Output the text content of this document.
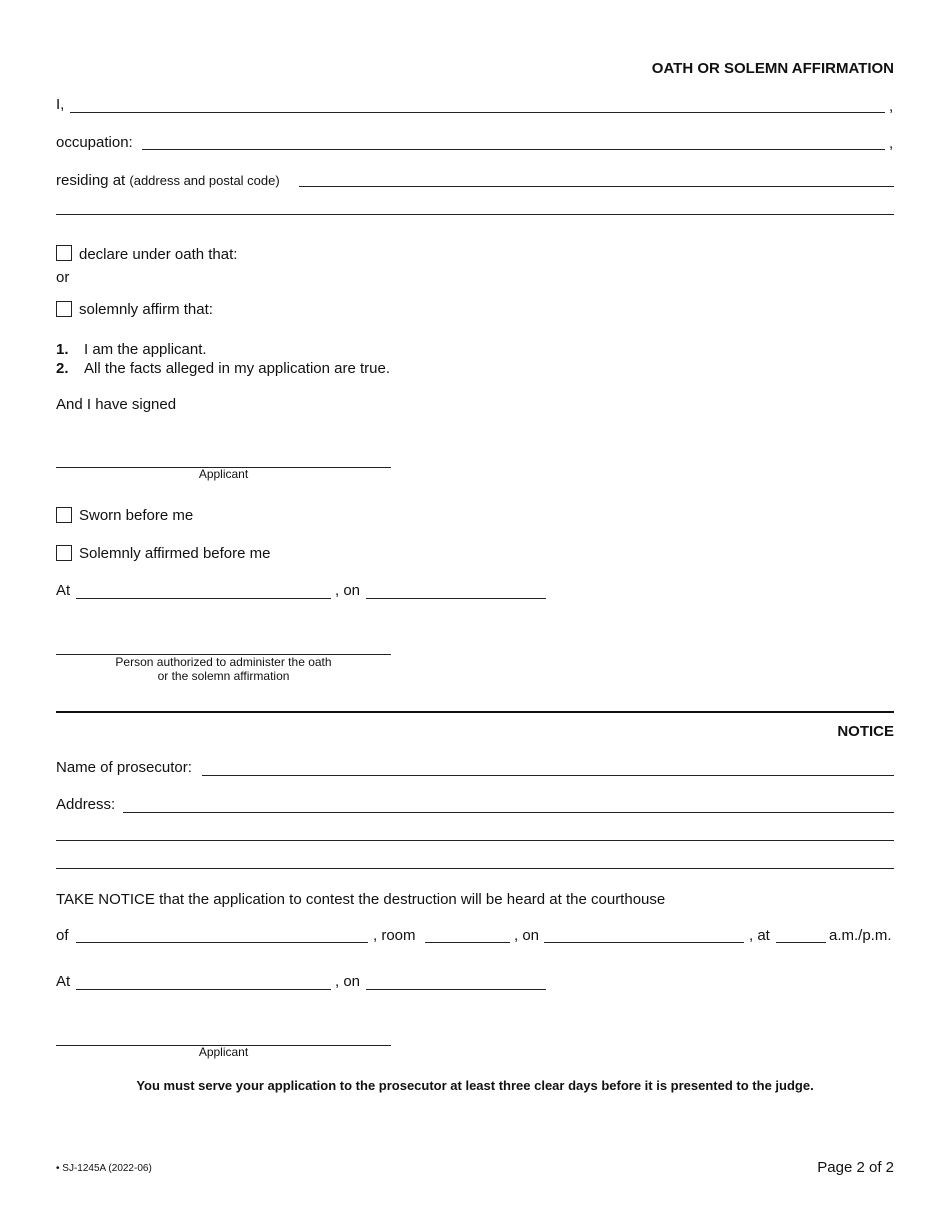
OATH OR SOLEMN AFFIRMATION
I,	,
occupation:	,
residing at (address and postal code)
declare under oath that:
or
solemnly affirm that:
1. I am the applicant.
2. All the facts alleged in my application are true.
And I have signed
Applicant
Sworn before me
Solemnly affirmed before me
At	, on
Person authorized to administer the oath
or the solemn affirmation
NOTICE
Name of prosecutor:
Address:
TAKE NOTICE that the application to contest the destruction will be heard at the courthouse
of	, room	, on	, at	a.m./p.m.
At	, on
Applicant
You must serve your application to the prosecutor at least three clear days before it is presented to the judge.
• SJ-1245A (2022-06)	Page 2 of 2
